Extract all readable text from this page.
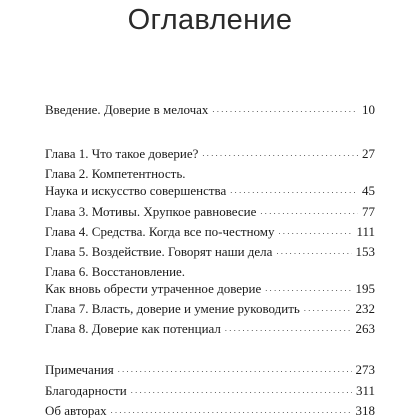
Оглавление
Введение. Доверие в мелочах . . .	10
Глава 1. Что такое доверие? . . .	27
Глава 2. Компетентность.
Наука и искусство совершенства . . .	45
Глава 3. Мотивы. Хрупкое равновесие . . .	77
Глава 4. Средства. Когда все по-честному . . .	111
Глава 5. Воздействие. Говорят наши дела . . .	153
Глава 6. Восстановление.
Как вновь обрести утраченное доверие . . .	195
Глава 7. Власть, доверие и умение руководить . . .	232
Глава 8. Доверие как потенциал . . .	263
Примечания . . .	273
Благодарности . . .	311
Об авторах . . .	318
